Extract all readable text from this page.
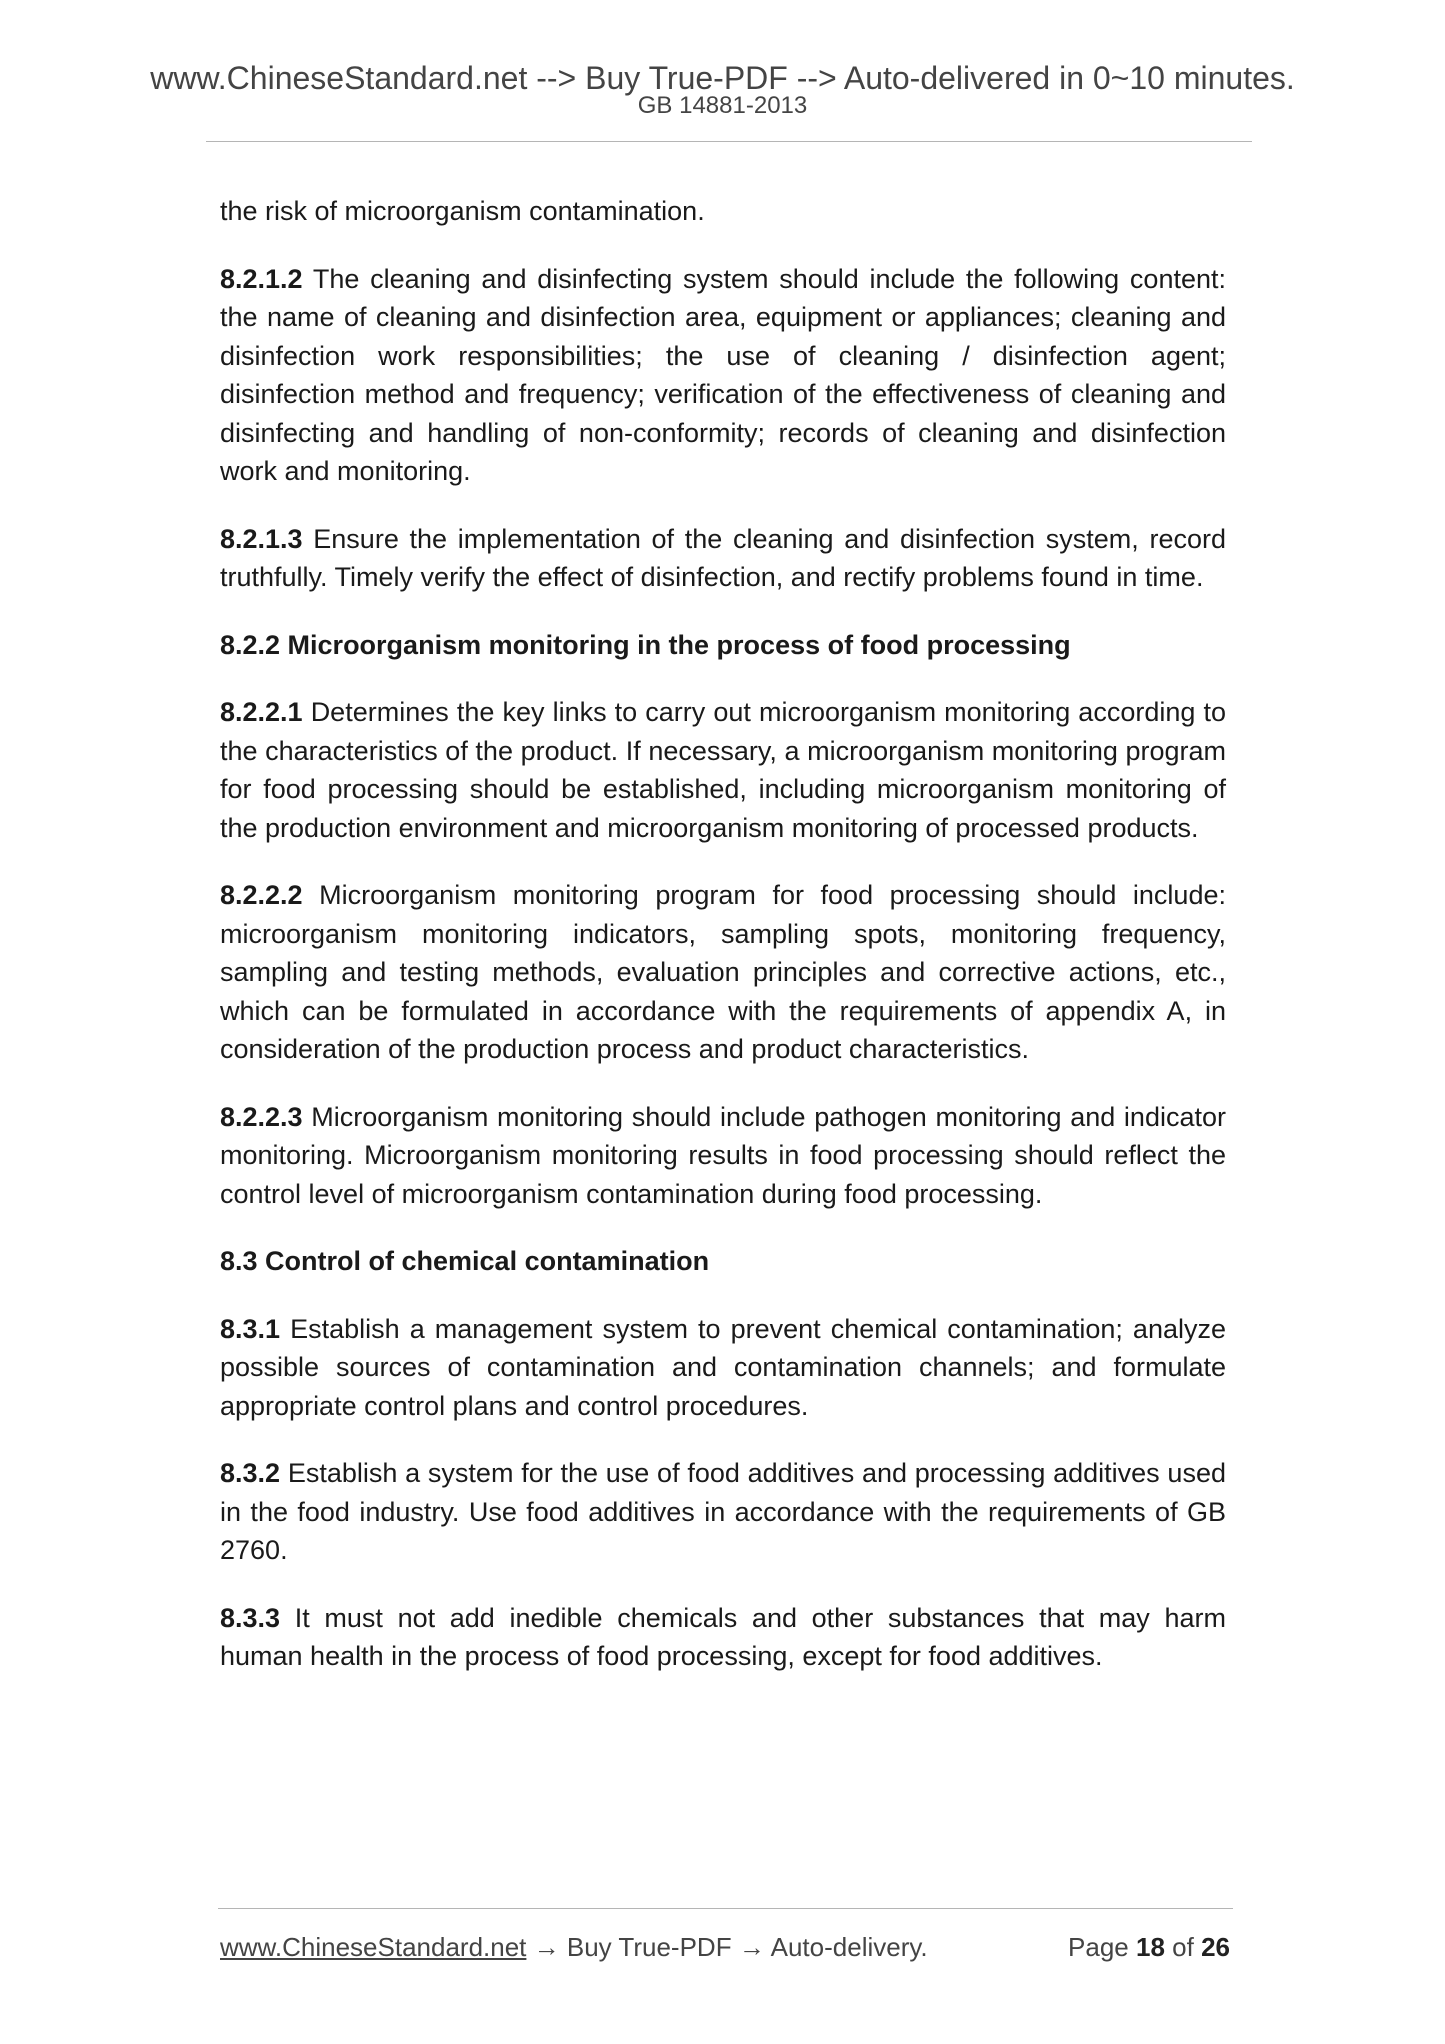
www.ChineseStandard.net --> Buy True-PDF --> Auto-delivered in 0~10 minutes.
GB 14881-2013

the risk of microorganism contamination.

8.2.1.2 The cleaning and disinfecting system should include the following content: the name of cleaning and disinfection area, equipment or appliances; cleaning and disinfection work responsibilities; the use of cleaning / disinfection agent; disinfection method and frequency; verification of the effectiveness of cleaning and disinfecting and handling of non-conformity; records of cleaning and disinfection work and monitoring.

8.2.1.3 Ensure the implementation of the cleaning and disinfection system, record truthfully. Timely verify the effect of disinfection, and rectify problems found in time.

8.2.2 Microorganism monitoring in the process of food processing

8.2.2.1 Determines the key links to carry out microorganism monitoring according to the characteristics of the product. If necessary, a microorganism monitoring program for food processing should be established, including microorganism monitoring of the production environment and microorganism monitoring of processed products.

8.2.2.2 Microorganism monitoring program for food processing should include: microorganism monitoring indicators, sampling spots, monitoring frequency, sampling and testing methods, evaluation principles and corrective actions, etc., which can be formulated in accordance with the requirements of appendix A, in consideration of the production process and product characteristics.

8.2.2.3 Microorganism monitoring should include pathogen monitoring and indicator monitoring. Microorganism monitoring results in food processing should reflect the control level of microorganism contamination during food processing.

8.3 Control of chemical contamination

8.3.1 Establish a management system to prevent chemical contamination; analyze possible sources of contamination and contamination channels; and formulate appropriate control plans and control procedures.

8.3.2 Establish a system for the use of food additives and processing additives used in the food industry. Use food additives in accordance with the requirements of GB 2760.

8.3.3 It must not add inedible chemicals and other substances that may harm human health in the process of food processing, except for food additives.

www.ChineseStandard.net → Buy True-PDF → Auto-delivery.	Page 18 of 26
